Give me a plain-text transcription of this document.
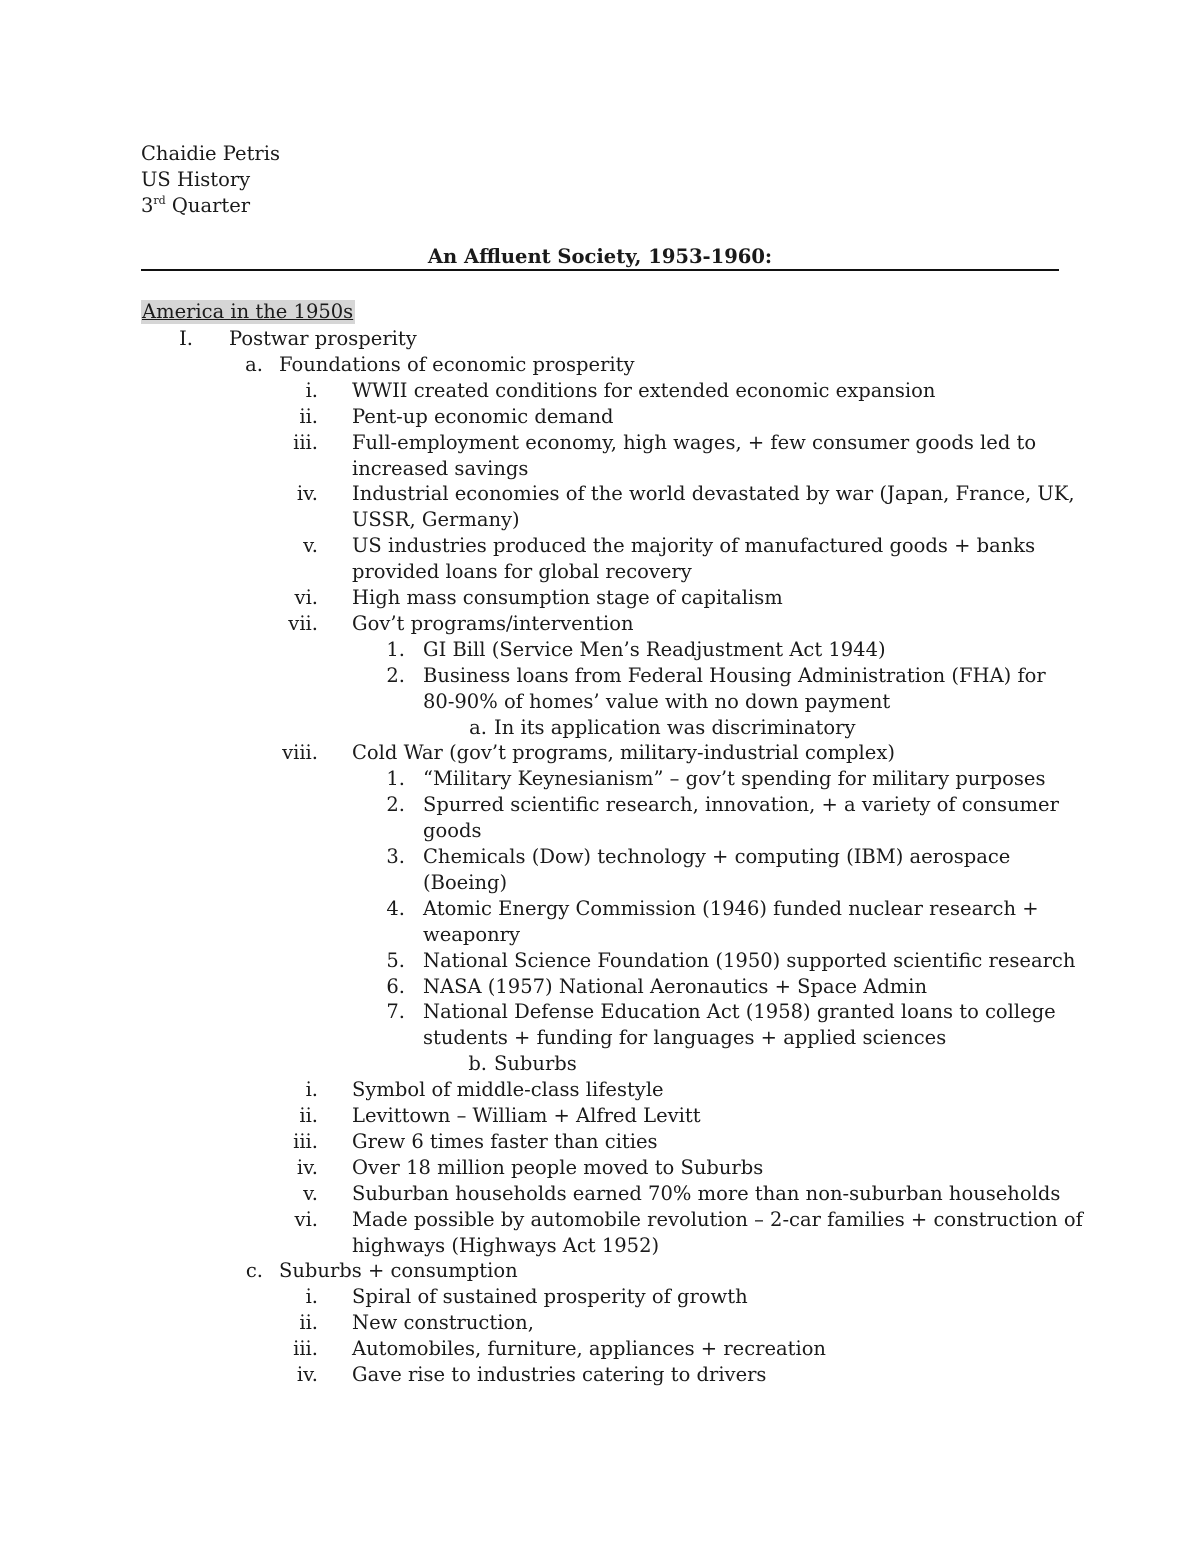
Chaidie Petris
US History
3rd Quarter
An Affluent Society, 1953-1960:
America in the 1950s
I. Postwar prosperity
a. Foundations of economic prosperity
i. WWII created conditions for extended economic expansion
ii. Pent-up economic demand
iii. Full-employment economy, high wages, + few consumer goods led to
increased savings
iv. Industrial economies of the world devastated by war (Japan, France, UK,
USSR, Germany)
v. US industries produced the majority of manufactured goods + banks
provided loans for global recovery
vi. High mass consumption stage of capitalism
vii. Gov’t programs/intervention
1. GI Bill (Service Men’s Readjustment Act 1944)
2. Business loans from Federal Housing Administration (FHA) for
80-90% of homes’ value with no down payment
a. In its application was discriminatory
viii. Cold War (gov’t programs, military-industrial complex)
1. “Military Keynesianism” – gov’t spending for military purposes
2. Spurred scientific research, innovation, + a variety of consumer
goods
3. Chemicals (Dow) technology + computing (IBM) aerospace
(Boeing)
4. Atomic Energy Commission (1946) funded nuclear research +
weaponry
5. National Science Foundation (1950) supported scientific research
6. NASA (1957) National Aeronautics + Space Admin
7. National Defense Education Act (1958) granted loans to college
students + funding for languages + applied sciences
b. Suburbs
i. Symbol of middle-class lifestyle
ii. Levittown – William + Alfred Levitt
iii. Grew 6 times faster than cities
iv. Over 18 million people moved to Suburbs
v. Suburban households earned 70% more than non-suburban households
vi. Made possible by automobile revolution – 2-car families + construction of
highways (Highways Act 1952)
c. Suburbs + consumption
i. Spiral of sustained prosperity of growth
ii. New construction,
iii. Automobiles, furniture, appliances + recreation
iv. Gave rise to industries catering to drivers
